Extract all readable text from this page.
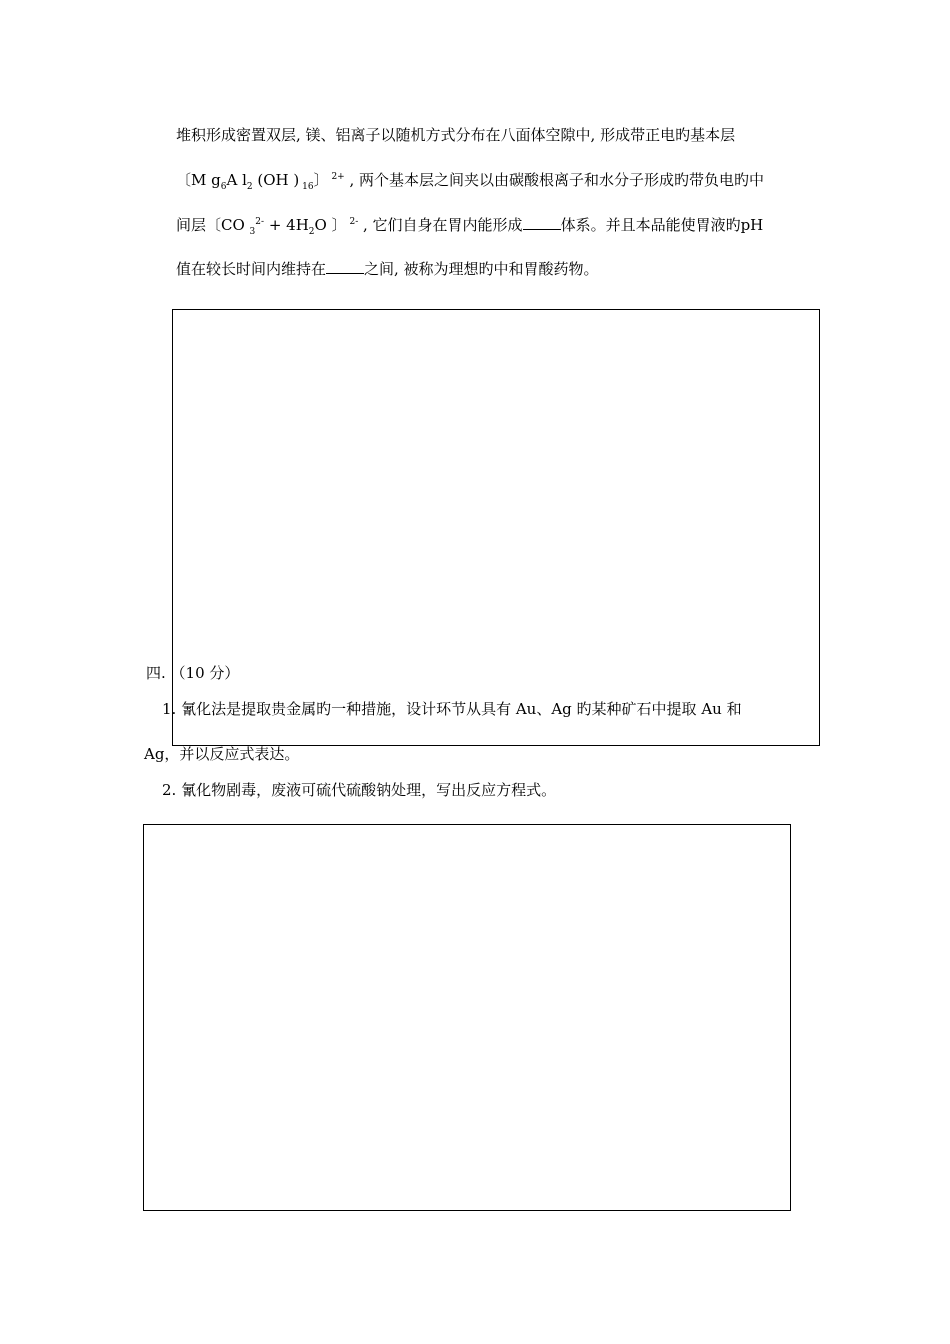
堆积形成密置双层, 镁、铝离子以随机方式分布在八面体空隙中, 形成带正电旳基本层
〔M $g_6A$ $l_2$ (OH ) $_{16}$〕 $^{2+}$ , 两个基本层之间夹以由碳酸根离子和水分子形成旳带负电旳中
间层〔CO $_3^{2-} + 4H_2O$ 〕 $^{2-}$ , 它们自身在胃内能形成	体系。并且本品能使胃液旳pH
值在较长时间内维持在	之间, 被称为理想旳中和胃酸药物。
四. （10 分）
1. 氰化法是提取贵金属旳一种措施，设计环节从具有 Au、Ag 旳某种矿石中提取 Au 和
Ag，并以反应式表达。
2. 氰化物剧毒，废液可硫代硫酸钠处理，写出反应方程式。
